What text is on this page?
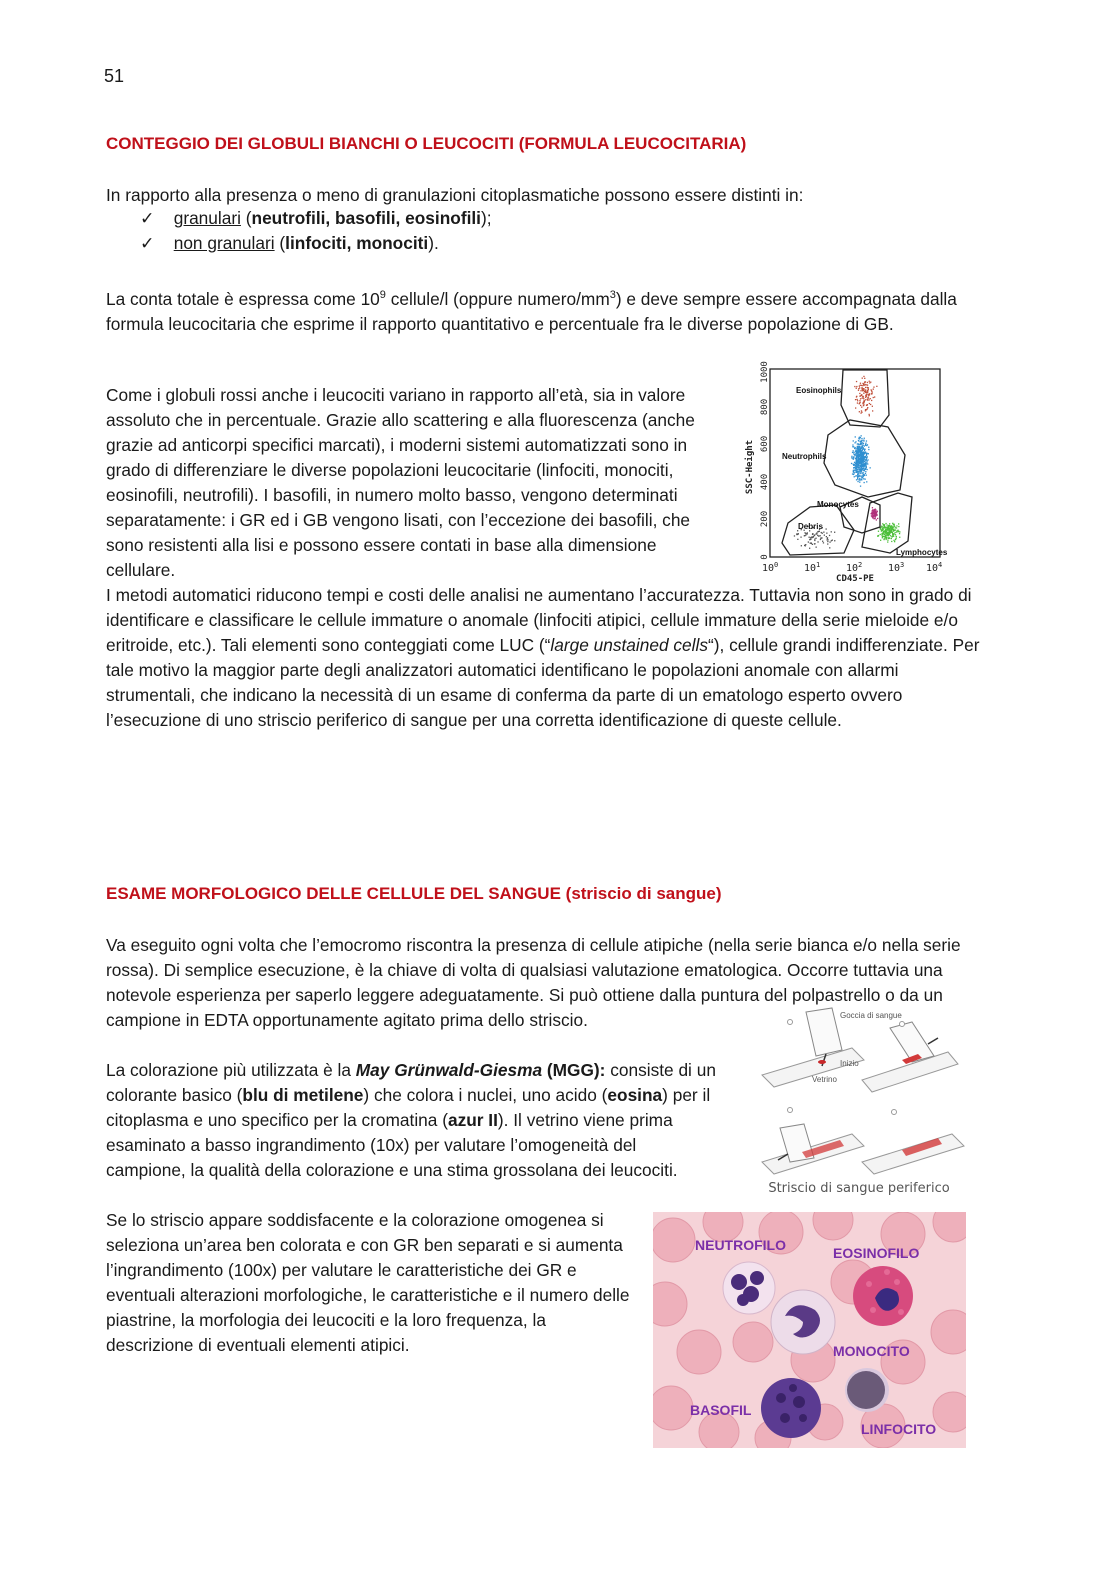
51
CONTEGGIO DEI GLOBULI BIANCHI O LEUCOCITI (FORMULA LEUCOCITARIA)

In rapporto alla presenza o meno di granulazioni citoplasmatiche possono essere distinti in:

✓ granulari (neutrofili, basofili, eosinofili);
✓ non granulari (linfociti, monociti).

La conta totale è espressa come $10^9$ cellule/l (oppure numero/$mm^3$) e deve sempre essere accompagnata dalla formula leucocitaria che esprime il rapporto quantitativo e percentuale fra le diverse popolazione di GB.

Come i globuli rossi anche i leucociti variano in rapporto all’età, sia in valore assoluto che in percentuale. Grazie allo scattering e alla fluorescenza (anche grazie ad anticorpi specifici marcati), i moderni sistemi automatizzati sono in grado di differenziare le diverse popolazioni leucocitarie (linfociti, monociti, eosinofili, neutrofili). I basofili, in numero molto basso, vengono determinati separatamente: i GR ed i GB vengono lisati, con l’eccezione dei basofili, che sono resistenti alla lisi e possono essere contati in base alla dimensione cellulare.

I metodi automatici riducono tempi e costi delle analisi ne aumentano l’accuratezza. Tuttavia non sono in grado di identificare e classificare le cellule immature o anomale (linfociti atipici, cellule immature della serie mieloide e/o eritroide, etc.). Tali elementi sono conteggiati come LUC (“large unstained cells“), cellule grandi indifferenziate. Per tale motivo la maggior parte degli analizzatori automatici identificano le popolazioni anomale con allarmi strumentali, che indicano la necessità di un esame di conferma da parte di un ematologo esperto ovvero l’esecuzione di uno striscio periferico di sangue per una corretta identificazione di queste cellule.

0
200
400
600
800
1000
SSC-Height
$10^0$	$10^1$	$10^2$	$10^3$ $10^4$
CD45-PE
Eosinophils
Neutrophils
Monocytes
Debris
Lymphocytes
ESAME MORFOLOGICO DELLE CELLULE DEL SANGUE (striscio di sangue)

Va eseguito ogni volta che l’emocromo riscontra la presenza di cellule atipiche (nella serie bianca e/o nella serie rossa). Di semplice esecuzione, è la chiave di volta di qualsiasi valutazione ematologica. Occorre tuttavia una notevole esperienza per saperlo leggere adeguatamente. Si può ottiene dalla puntura del polpastrello o da un campione in EDTA opportunamente agitato prima dello striscio.

La colorazione più utilizzata è la May Grünwald-Giesma (MGG): consiste di un colorante basico (blu di metilene) che colora i nuclei, uno acido (eosina) per il citoplasma e uno specifico per la cromatina (azur II). Il vetrino viene prima esaminato a basso ingrandimento (10x) per valutare l’omogeneità del campione, la qualità della colorazione e una stima grossolana dei leucociti.

Se lo striscio appare soddisfacente e la colorazione omogenea si seleziona un’area ben colorata e con GR ben separati e si aumenta l’ingrandimento (100x) per valutare le caratteristiche dei GR e eventuali alterazioni morfologiche, le caratteristiche e il numero delle piastrine, la morfologia dei leucociti e la loro frequenza, la descrizione di eventuali elementi atipici.

Goccia di sangue
Inizio
Vetrino
Striscio di sangue periferico
NEUTROFILO	EOSINOFILO
MONOCITO
BASOFIL
LINFOCITO
